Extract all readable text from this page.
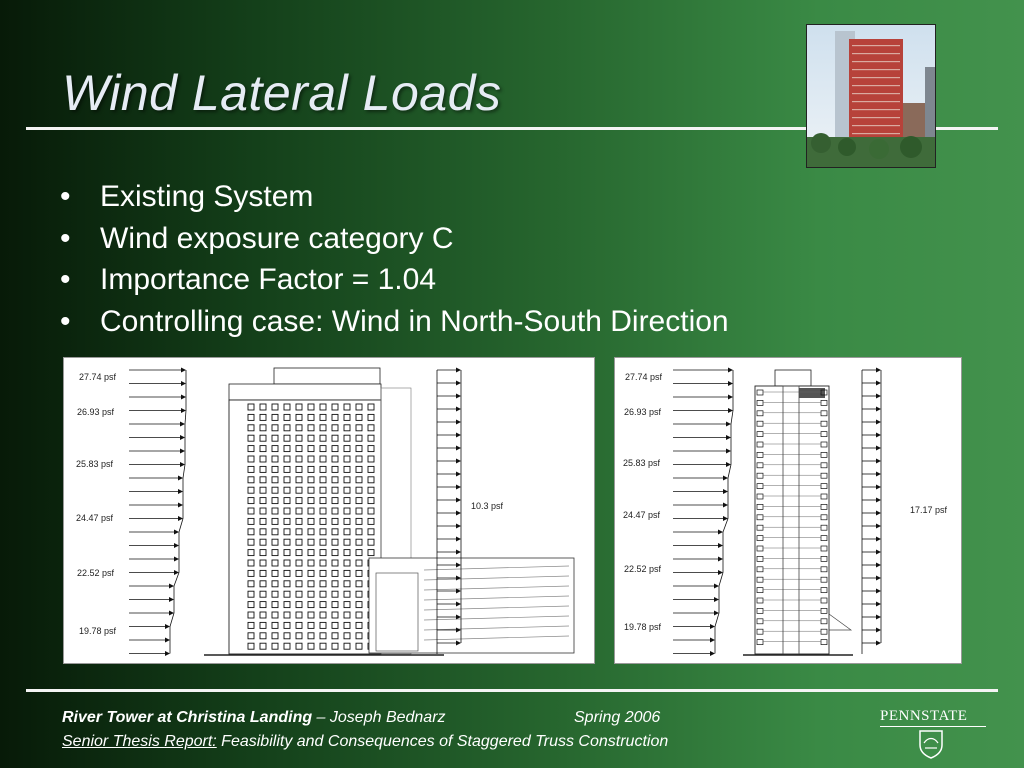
Wind Lateral Loads
• Existing System
• Wind exposure category C
• Importance Factor = 1.04
• Controlling case: Wind in North-South Direction
27.74 psf
26.93 psf
25.83 psf
24.47 psf
22.52 psf
19.78 psf
10.3 psf
27.74 psf
26.93 psf
25.83 psf
24.47 psf
22.52 psf
19.78 psf
17.17 psf
River Tower at Christina Landing – Joseph Bednarz	Spring 2006
Senior Thesis Report: Feasibility and Consequences of Staggered Truss Construction
PENNSTATE
